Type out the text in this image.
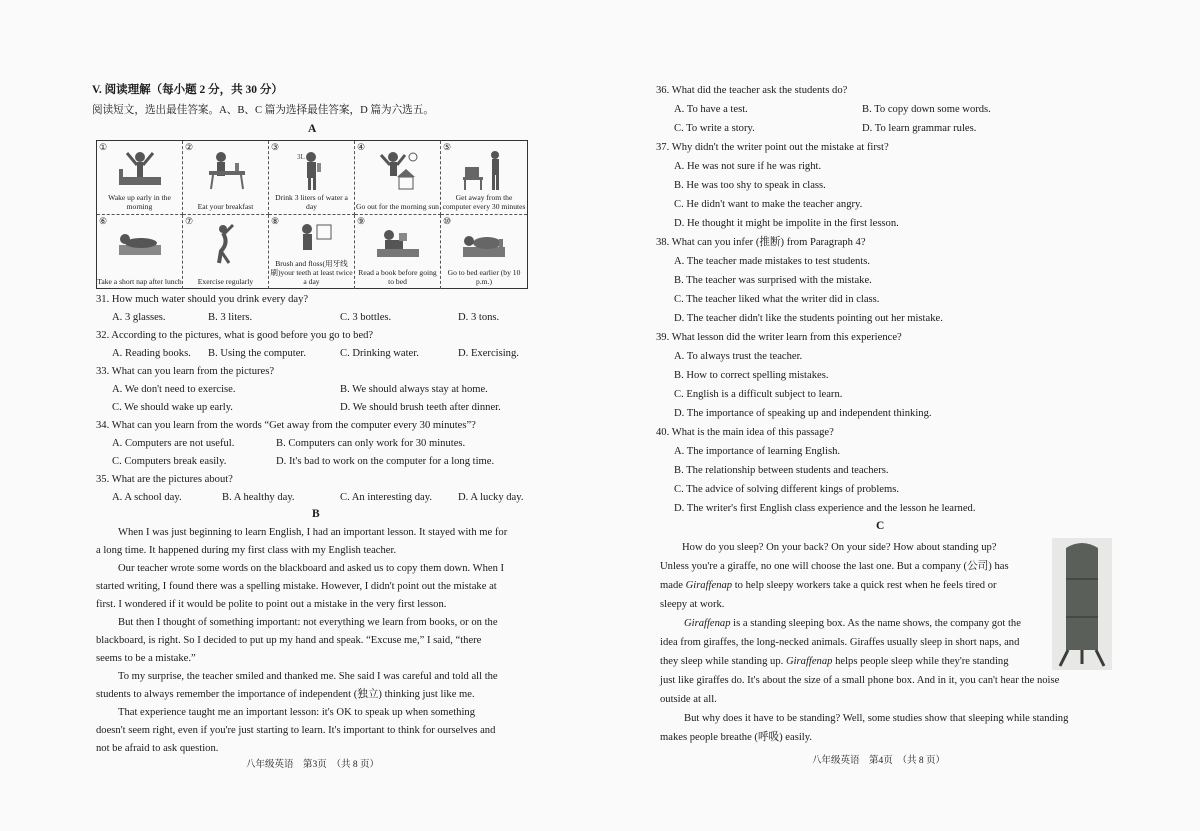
V. 阅读理解（每小题 2 分，共 30 分）
阅读短文，选出最佳答案。A、B、C 篇为选择最佳答案，D 篇为六选五。
A
①
Wake up early in the morning
②
Eat your breakfast
③
3L
Drink 3 liters of water a day
④
Go out for the morning sun
⑤
Get away from the computer every 30 minutes
⑥
Take a short nap after lunch
⑦
Exercise regularly
⑧
Brush and floss(用牙线刷)your teeth at least twice a day
⑨
Read a book before going to bed
⑩
Go to bed earlier (by 10 p.m.)
31. How much water should you drink every day?
A. 3 glasses.	B. 3 liters.	C. 3 bottles.	D. 3 tons.
32. According to the pictures, what is good before you go to bed?
A. Reading books. B. Using the computer.	C. Drinking water.	D. Exercising.
33. What can you learn from the pictures?
A. We don't need to exercise.	B. We should always stay at home.
C. We should wake up early.	D. We should brush teeth after dinner.
34. What can you learn from the words “Get away from the computer every 30 minutes”?
A. Computers are not useful.	B. Computers can only work for 30 minutes.
C. Computers break easily.	D. It's bad to work on the computer for a long time.
35. What are the pictures about?
A. A school day.	B. A healthy day.	C. An interesting day. D. A lucky day.
B
When I was just beginning to learn English, I had an important lesson. It stayed with me for
a long time. It happened during my first class with my English teacher.
Our teacher wrote some words on the blackboard and asked us to copy them down. When I
started writing, I found there was a spelling mistake. However, I didn't point out the mistake at
first. I wondered if it would be polite to point out a mistake in the very first lesson.
But then I thought of something important: not everything we learn from books, or on the
blackboard, is right. So I decided to put up my hand and speak. “Excuse me,” I said, “there
seems to be a mistake.”
To my surprise, the teacher smiled and thanked me. She said I was careful and told all the
students to always remember the importance of independent (独立) thinking just like me.
That experience taught me an important lesson: it's OK to speak up when something
doesn't seem right, even if you're just starting to learn. It's important to think for ourselves and
not be afraid to ask question.
八年级英语　第3页　（共 8 页）
36. What did the teacher ask the students do?
A. To have a test.	B. To copy down some words.
C. To write a story.	D. To learn grammar rules.
37. Why didn't the writer point out the mistake at first?
A. He was not sure if he was right.
B. He was too shy to speak in class.
C. He didn't want to make the teacher angry.
D. He thought it might be impolite in the first lesson.
38. What can you infer (推断) from Paragraph 4?
A. The teacher made mistakes to test students.
B. The teacher was surprised with the mistake.
C. The teacher liked what the writer did in class.
D. The teacher didn't like the students pointing out her mistake.
39. What lesson did the writer learn from this experience?
A. To always trust the teacher.
B. How to correct spelling mistakes.
C. English is a difficult subject to learn.
D. The importance of speaking up and independent thinking.
40. What is the main idea of this passage?
A. The importance of learning English.
B. The relationship between students and teachers.
C. The advice of solving different kings of problems.
D. The writer's first English class experience and the lesson he learned.
C
How do you sleep? On your back? On your side? How about standing up?
Unless you're a giraffe, no one will choose the last one. But a company (公司) has
made Giraffenap to help sleepy workers take a quick rest when he feels tired or
sleepy at work.
Giraffenap is a standing sleeping box. As the name shows, the company got the
idea from giraffes, the long-necked animals. Giraffes usually sleep in short naps, and
they sleep while standing up. Giraffenap helps people sleep while they're standing
just like giraffes do. It's about the size of a small phone box. And in it, you can't hear the noise
outside at all.
But why does it have to be standing? Well, some studies show that sleeping while standing
makes people breathe (呼吸) easily.
八年级英语　第4页　（共 8 页）
